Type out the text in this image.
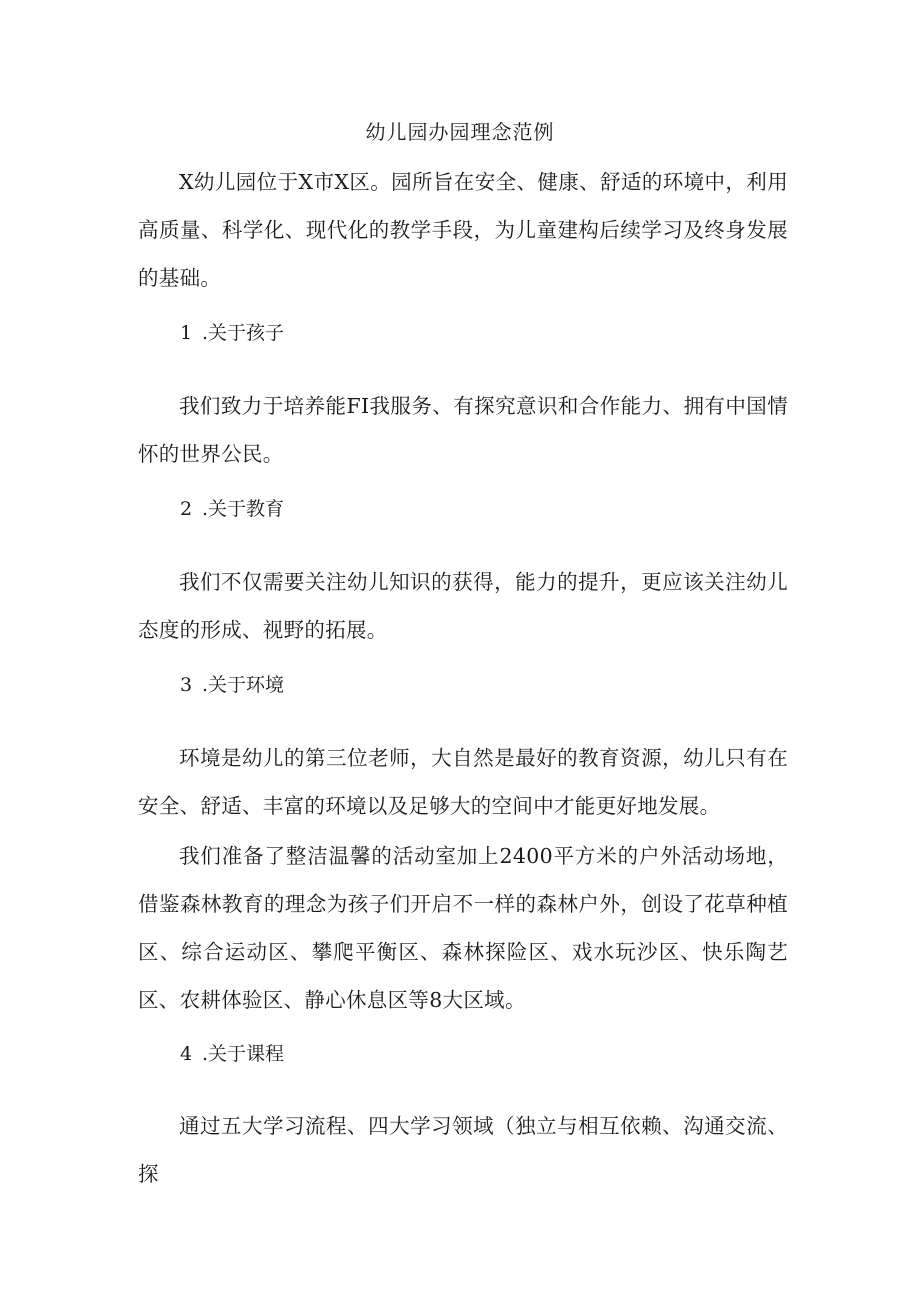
幼儿园办园理念范例

X幼儿园位于X市X区。园所旨在安全、健康、舒适的环境中，利用高质量、科学化、现代化的教学手段，为儿童建构后续学习及终身发展的基础。

1 .关于孩子

我们致力于培养能FI我服务、有探究意识和合作能力、拥有中国情怀的世界公民。

2 .关于教育

我们不仅需要关注幼儿知识的获得，能力的提升，更应该关注幼儿态度的形成、视野的拓展。

3 .关于环境

环境是幼儿的第三位老师，大自然是最好的教育资源，幼儿只有在安全、舒适、丰富的环境以及足够大的空间中才能更好地发展。

我们准备了整洁温馨的活动室加上2400平方米的户外活动场地，借鉴森林教育的理念为孩子们开启不一样的森林户外，创设了花草种植区、综合运动区、攀爬平衡区、森林探险区、戏水玩沙区、快乐陶艺区、农耕体验区、静心休息区等8大区域。

4 .关于课程

通过五大学习流程、四大学习领域（独立与相互依赖、沟通交流、探
